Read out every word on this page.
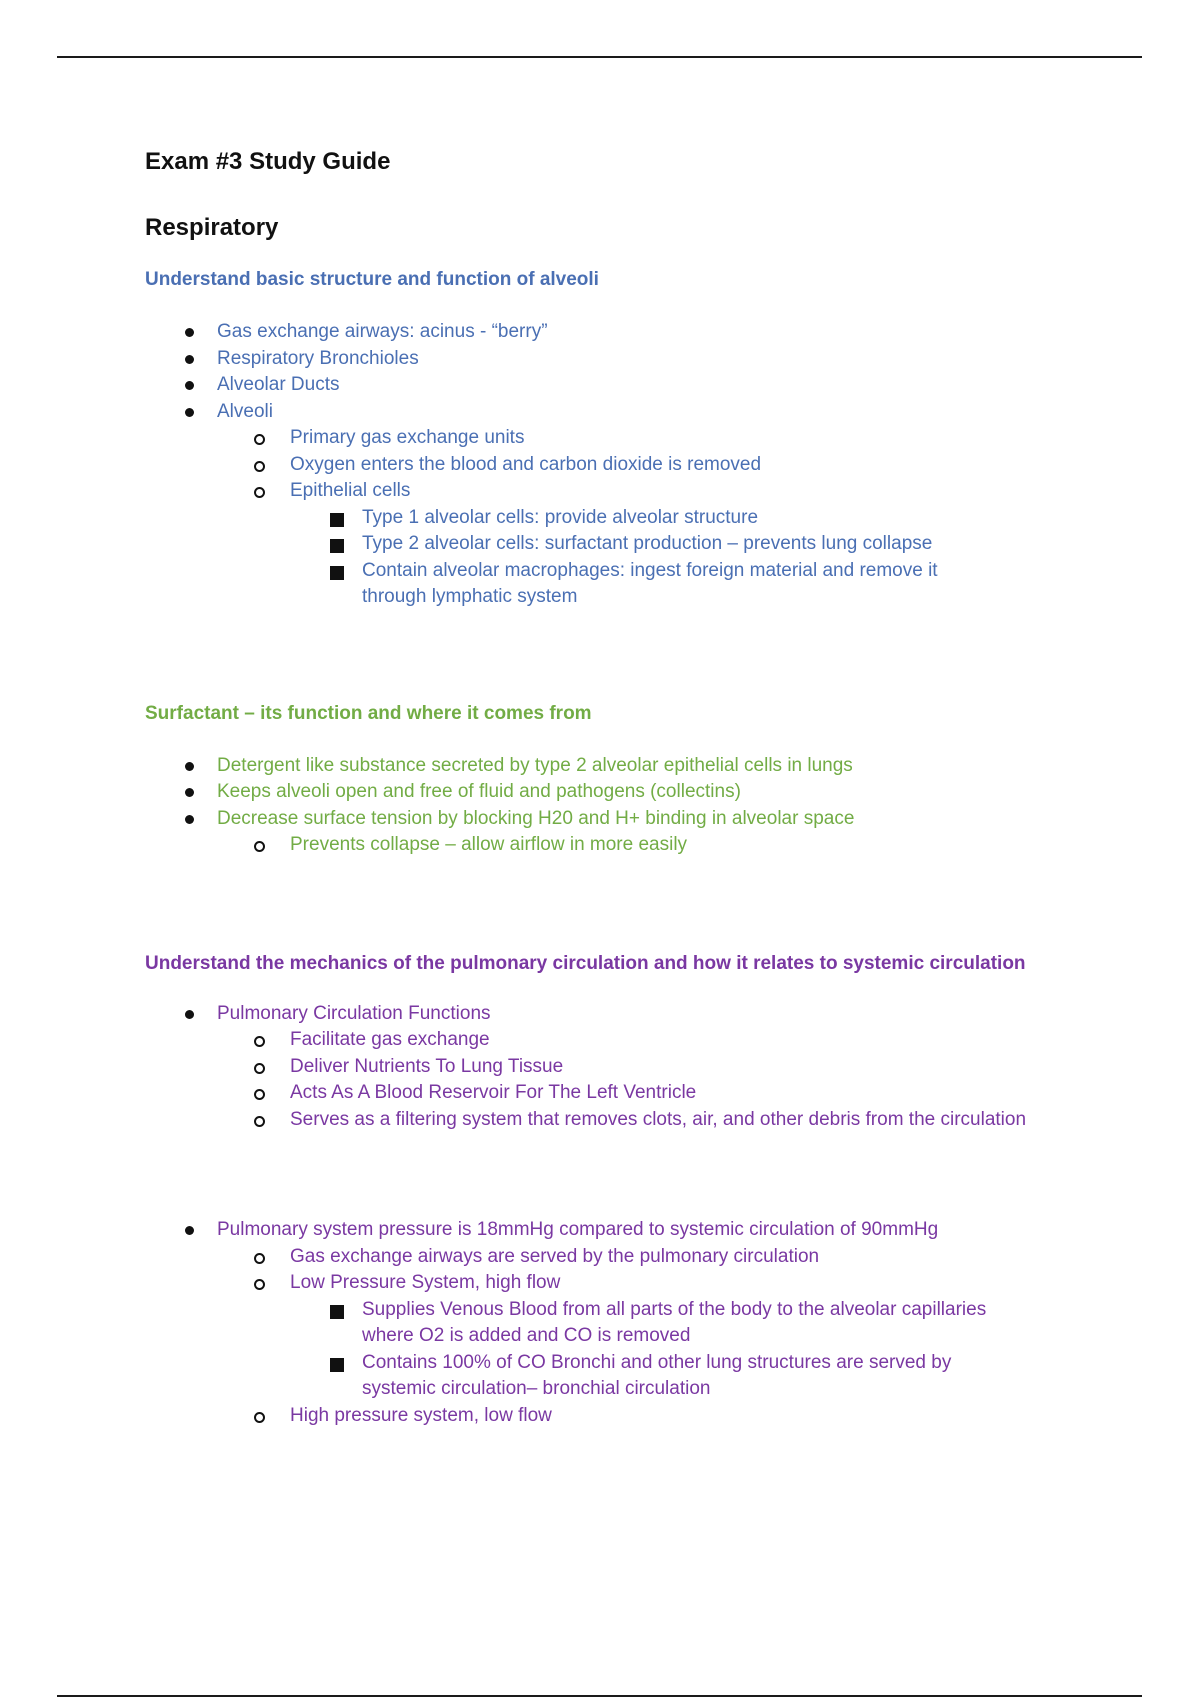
Exam #3 Study Guide
Respiratory
Understand basic structure and function of alveoli
Gas exchange airways: acinus - “berry”
Respiratory Bronchioles
Alveolar Ducts
Alveoli
Primary gas exchange units
Oxygen enters the blood and carbon dioxide is removed
Epithelial cells
Type 1 alveolar cells: provide alveolar structure
Type 2 alveolar cells: surfactant production – prevents lung collapse
Contain alveolar macrophages: ingest foreign material and remove it through lymphatic system
Surfactant – its function and where it comes from
Detergent like substance secreted by type 2 alveolar epithelial cells in lungs
Keeps alveoli open and free of fluid and pathogens (collectins)
Decrease surface tension by blocking H20 and H+ binding in alveolar space
Prevents collapse – allow airflow in more easily
Understand the mechanics of the pulmonary circulation and how it relates to systemic circulation
Pulmonary Circulation Functions
Facilitate gas exchange
Deliver Nutrients To Lung Tissue
Acts As A Blood Reservoir For The Left Ventricle
Serves as a filtering system that removes clots, air, and other debris from the circulation
Pulmonary system pressure is 18mmHg compared to systemic circulation of 90mmHg
Gas exchange airways are served by the pulmonary circulation
Low Pressure System, high flow
Supplies Venous Blood from all parts of the body to the alveolar capillaries where O2 is added and CO is removed
Contains 100% of CO Bronchi and other lung structures are served by systemic circulation– bronchial circulation
High pressure system, low flow
